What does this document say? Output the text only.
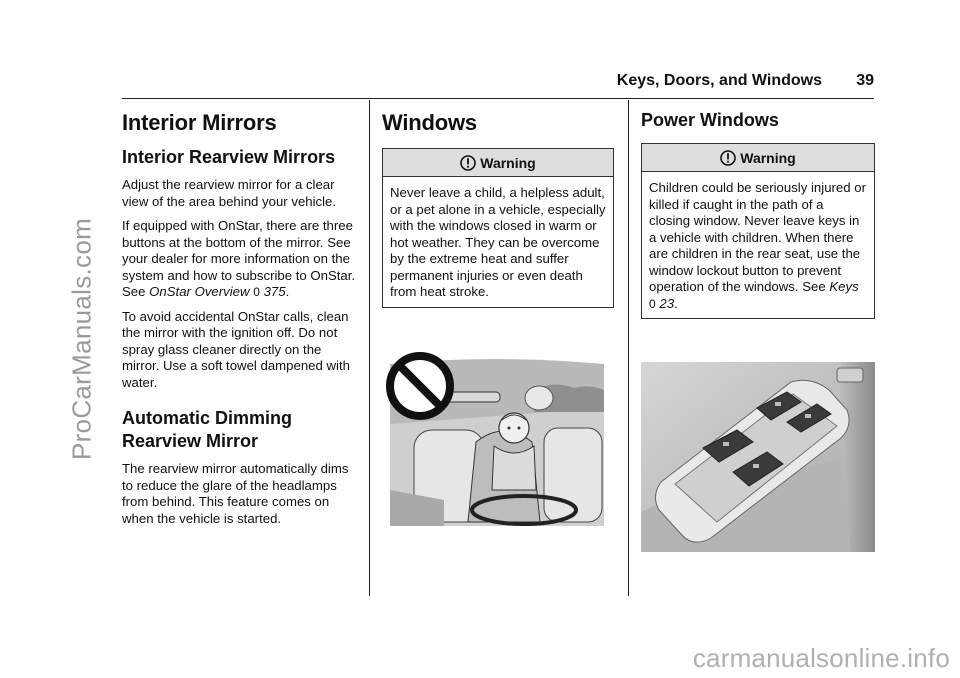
ProCarManuals.com
carmanualsonline.info
Keys, Doors, and Windows 39
Interior Mirrors
Interior Rearview Mirrors

Adjust the rearview mirror for a clear view of the area behind your vehicle.

If equipped with OnStar, there are three buttons at the bottom of the mirror. See your dealer for more information on the system and how to subscribe to OnStar. See OnStar Overview 0 375.

To avoid accidental OnStar calls, clean the mirror with the ignition off. Do not spray glass cleaner directly on the mirror. Use a soft towel dampened with water.

Automatic Dimming Rearview Mirror

The rearview mirror automatically dims to reduce the glare of the headlamps from behind. This feature comes on when the vehicle is started.

Windows
Warning
Never leave a child, a helpless adult, or a pet alone in a vehicle, especially with the windows closed in warm or hot weather. They can be overcome by the extreme heat and suffer permanent injuries or even death from heat stroke.
Power Windows
Warning
Children could be seriously injured or killed if caught in the path of a closing window. Never leave keys in a vehicle with children. When there are children in the rear seat, use the window lockout button to prevent operation of the windows. See Keys 0 23.
